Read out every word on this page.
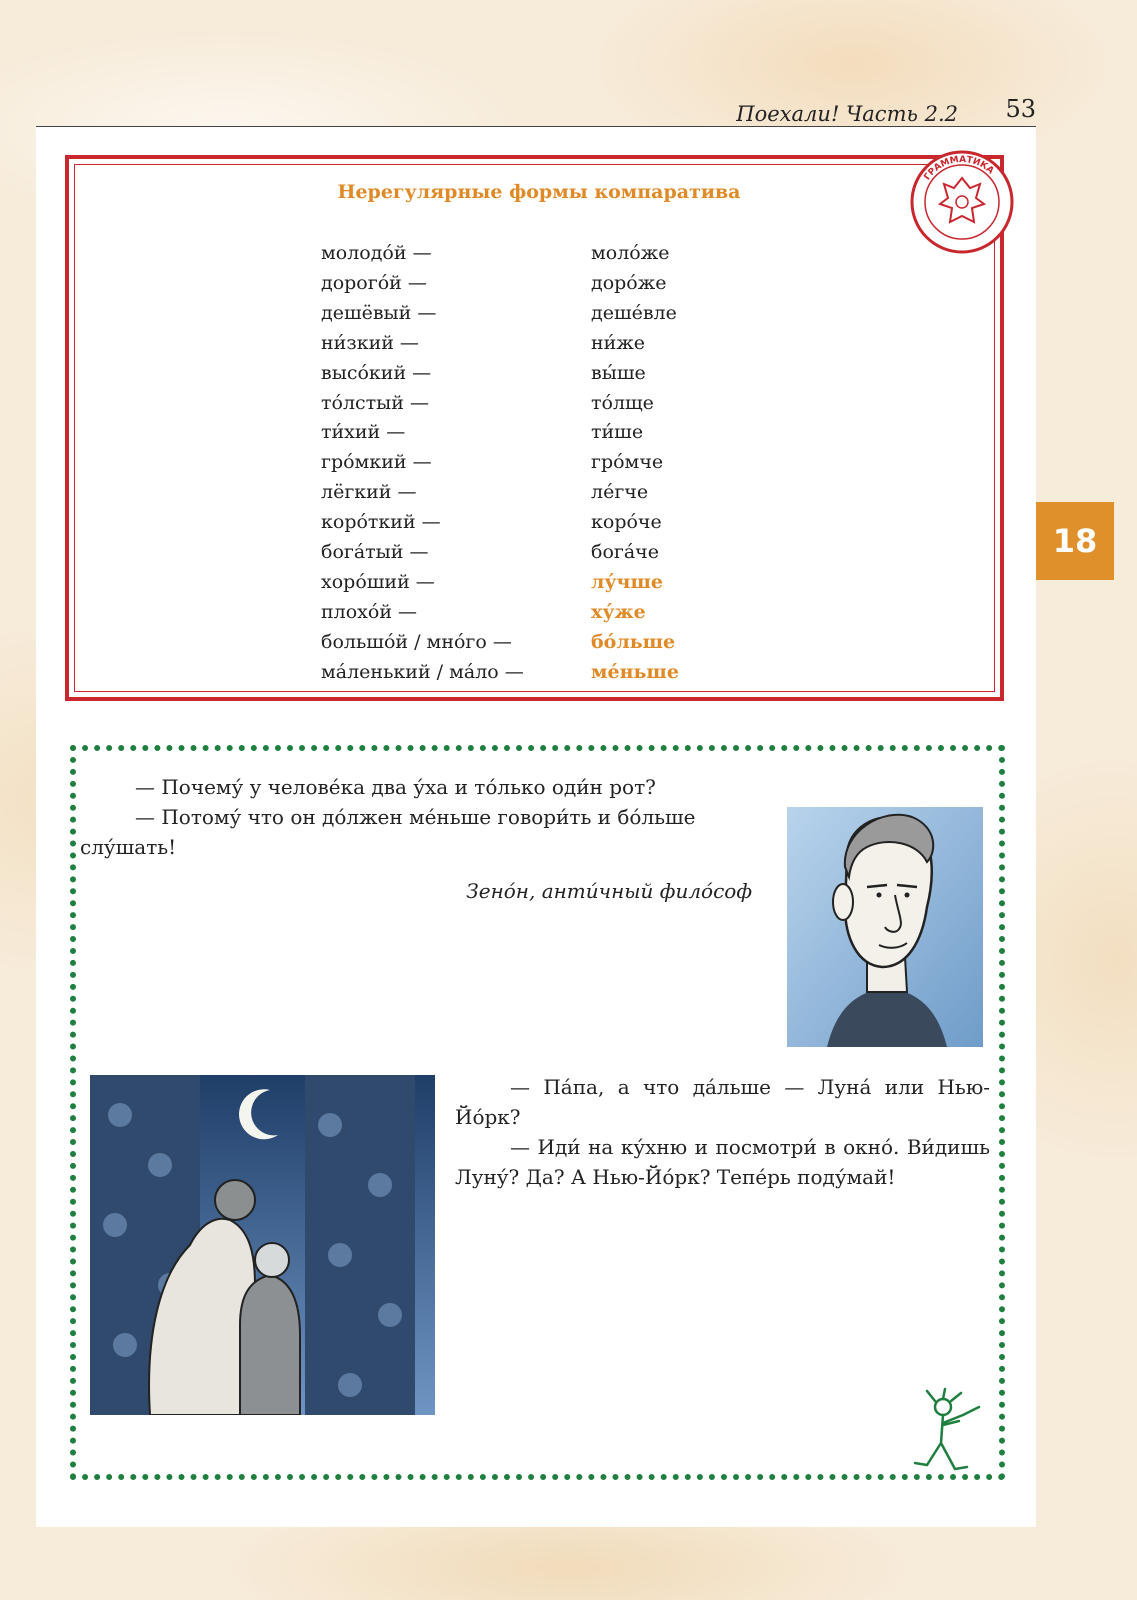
Поехали! Часть 2.2 53
18
Нерегулярные формы компаратива
молодо́й —
дорого́й —
дешёвый —
ни́зкий —
высо́кий —
то́лстый —
ти́хий —
гро́мкий —
лёгкий —
коро́ткий —
бога́тый —
хоро́ший —
плохо́й —
большо́й / мно́го —
ма́ленький / ма́ло —
моло́же
доро́же
деше́вле
ни́же
вы́ше
то́лще
ти́ше
гро́мче
ле́гче
коро́че
бога́че
лу́чше
ху́же
бо́льше
ме́ньше
ГРАММАТИКА

— Почему́ у челове́ка два у́ха и то́лько оди́н рот?

— Потому́ что он до́лжен ме́ньше говори́ть и бо́льше слу́шать!

Зено́н, анти́чный фило́соф

— Па́па, а что да́льше — Луна́ или Нью-Йо́рк?

— Иди́ на ку́хню и посмотри́ в окно́. Ви́дишь Луну́? Да? А Нью-Йо́рк? Тепе́рь поду́май!
